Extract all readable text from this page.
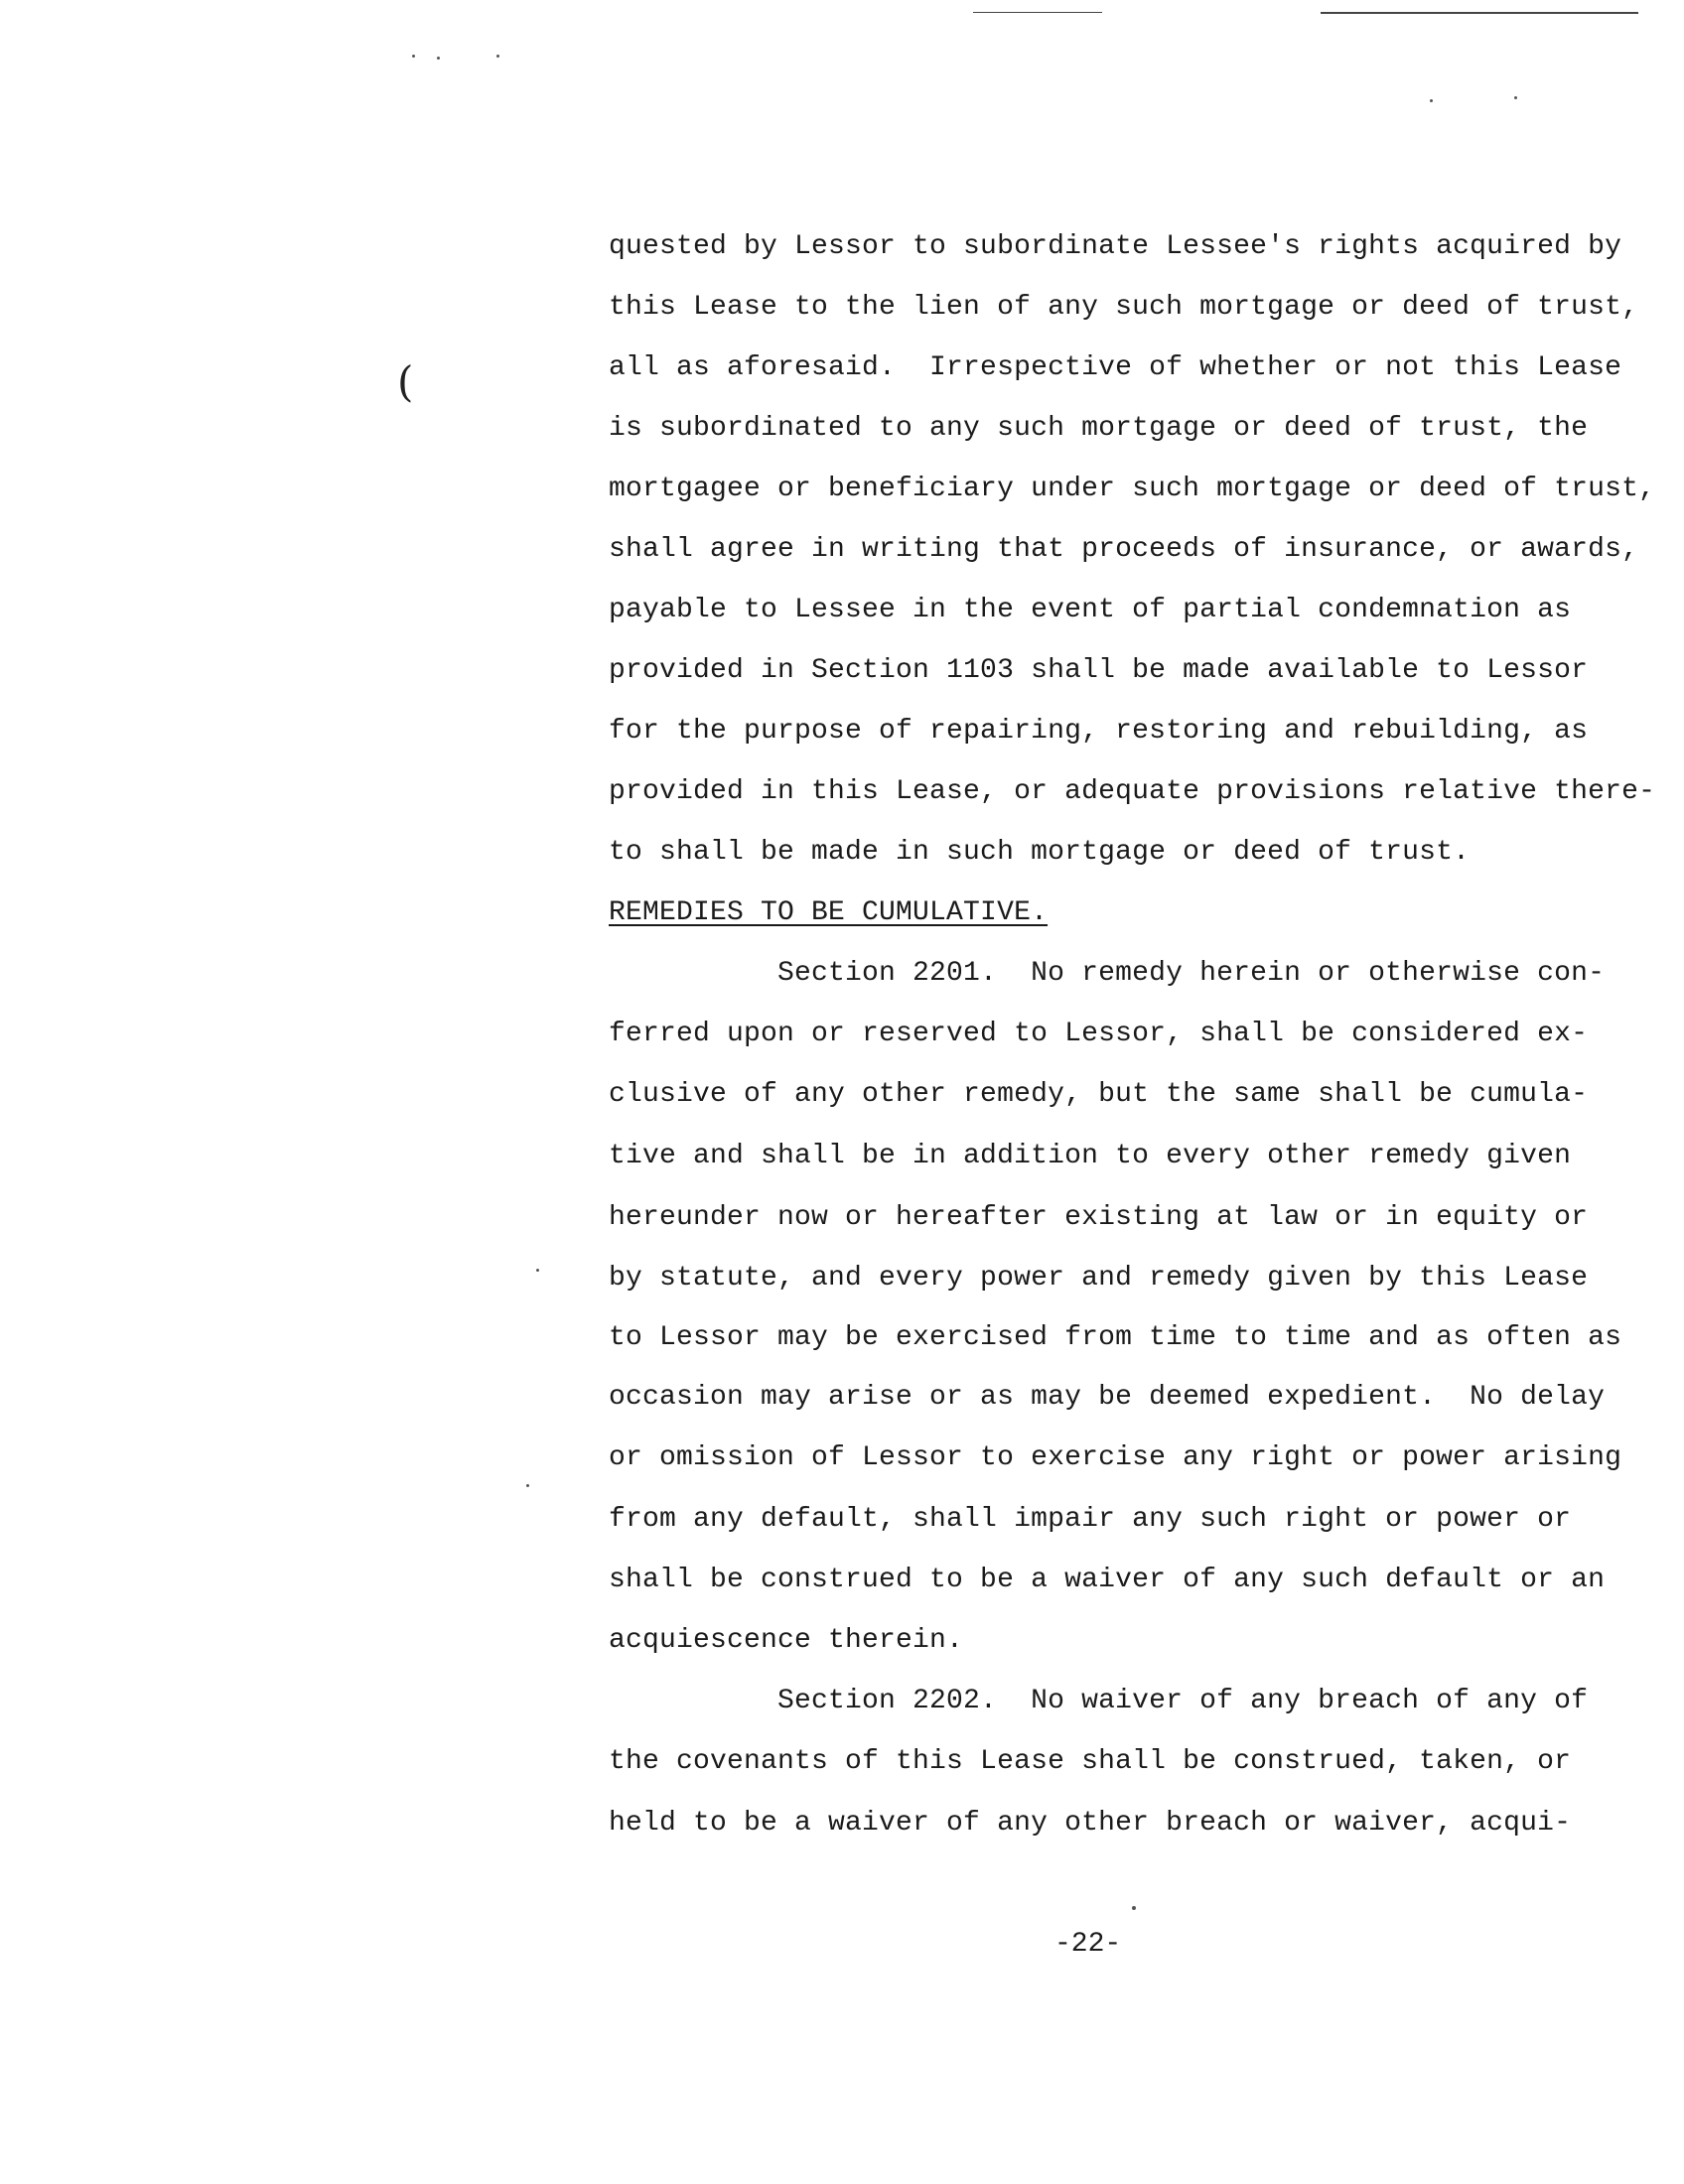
(
quested by Lessor to subordinate Lessee's rights acquired by
this Lease to the lien of any such mortgage or deed of trust,
all as aforesaid.  Irrespective of whether or not this Lease
is subordinated to any such mortgage or deed of trust, the
mortgagee or beneficiary under such mortgage or deed of trust,
shall agree in writing that proceeds of insurance, or awards,
payable to Lessee in the event of partial condemnation as
provided in Section 1103 shall be made available to Lessor
for the purpose of repairing, restoring and rebuilding, as
provided in this Lease, or adequate provisions relative there-
to shall be made in such mortgage or deed of trust.
REMEDIES TO BE CUMULATIVE.
Section 2201.  No remedy herein or otherwise con-
ferred upon or reserved to Lessor, shall be considered ex-
clusive of any other remedy, but the same shall be cumula-
tive and shall be in addition to every other remedy given
hereunder now or hereafter existing at law or in equity or
by statute, and every power and remedy given by this Lease
to Lessor may be exercised from time to time and as often as
occasion may arise or as may be deemed expedient.  No delay
or omission of Lessor to exercise any right or power arising
from any default, shall impair any such right or power or
shall be construed to be a waiver of any such default or an
acquiescence therein.
Section 2202.  No waiver of any breach of any of
the covenants of this Lease shall be construed, taken, or
held to be a waiver of any other breach or waiver, acqui-
-22-
